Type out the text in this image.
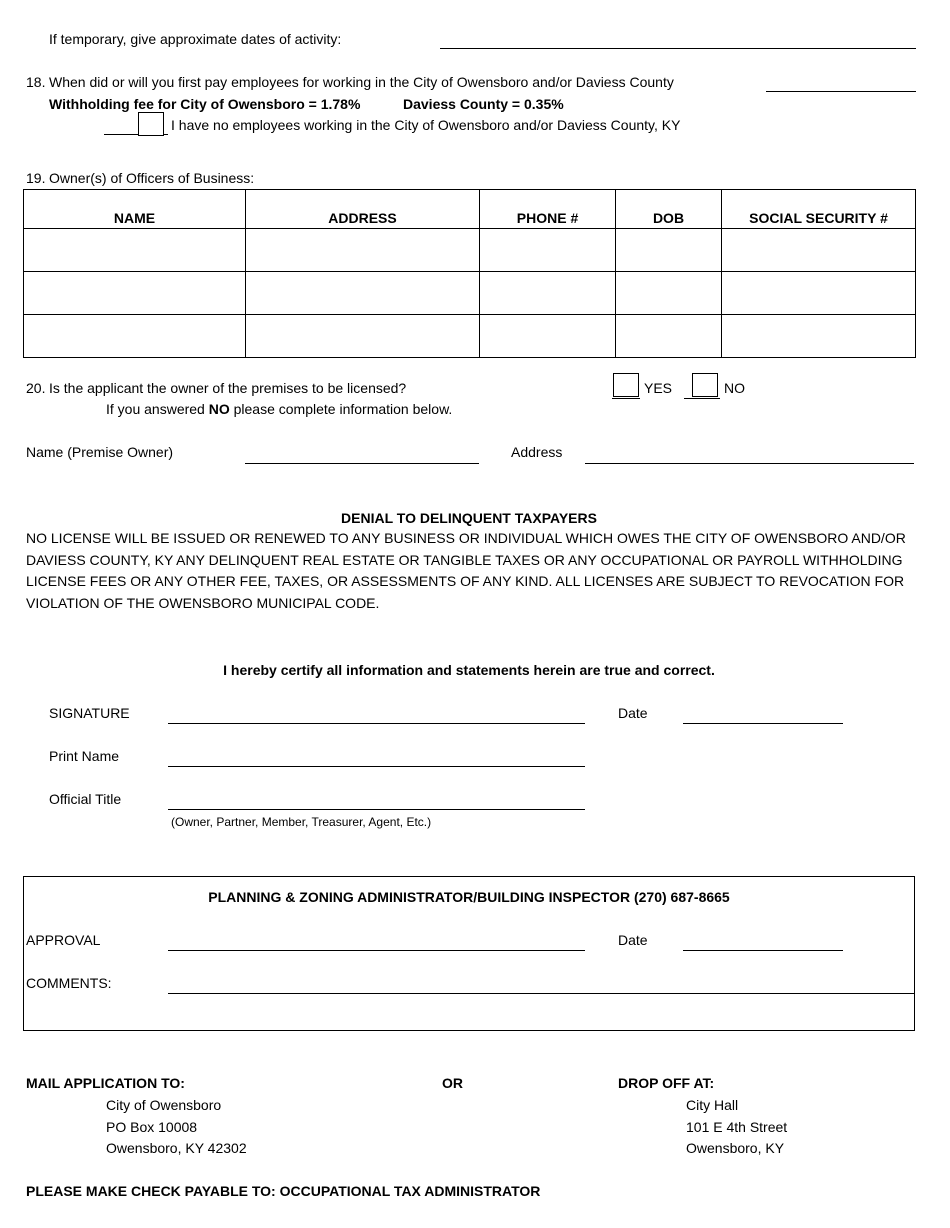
If temporary, give approximate dates of activity:
18. When did or will you first pay employees for working in the City of Owensboro and/or Daviess County
Withholding fee for City of Owensboro = 1.78%	Daviess County = 0.35%
I have no employees working in the City of Owensboro and/or Daviess County, KY
19. Owner(s) of Officers of Business:
NAME	ADDRESS	PHONE #	DOB	SOCIAL SECURITY #

20. Is the applicant the owner of the premises to be licensed?	YES	NO
If you answered NO please complete information below.
Name (Premise Owner)	Address
DENIAL TO DELINQUENT TAXPAYERS
NO LICENSE WILL BE ISSUED OR RENEWED TO ANY BUSINESS OR INDIVIDUAL WHICH OWES THE CITY OF OWENSBORO AND/OR DAVIESS COUNTY, KY ANY DELINQUENT REAL ESTATE OR TANGIBLE TAXES OR ANY OCCUPATIONAL OR PAYROLL WITHHOLDING LICENSE FEES OR ANY OTHER FEE, TAXES, OR ASSESSMENTS OF ANY KIND. ALL LICENSES ARE SUBJECT TO REVOCATION FOR VIOLATION OF THE OWENSBORO MUNICIPAL CODE.
I hereby certify all information and statements herein are true and correct.
SIGNATURE	Date
Print Name
Official Title
(Owner, Partner, Member, Treasurer, Agent, Etc.)
PLANNING & ZONING ADMINISTRATOR/BUILDING INSPECTOR (270) 687-8665
APPROVAL	Date
COMMENTS:
MAIL APPLICATION TO:
City of Owensboro
PO Box 10008
Owensboro, KY 42302
OR	DROP OFF AT:
City Hall
101 E 4th Street
Owensboro, KY
PLEASE MAKE CHECK PAYABLE TO: OCCUPATIONAL TAX ADMINISTRATOR
